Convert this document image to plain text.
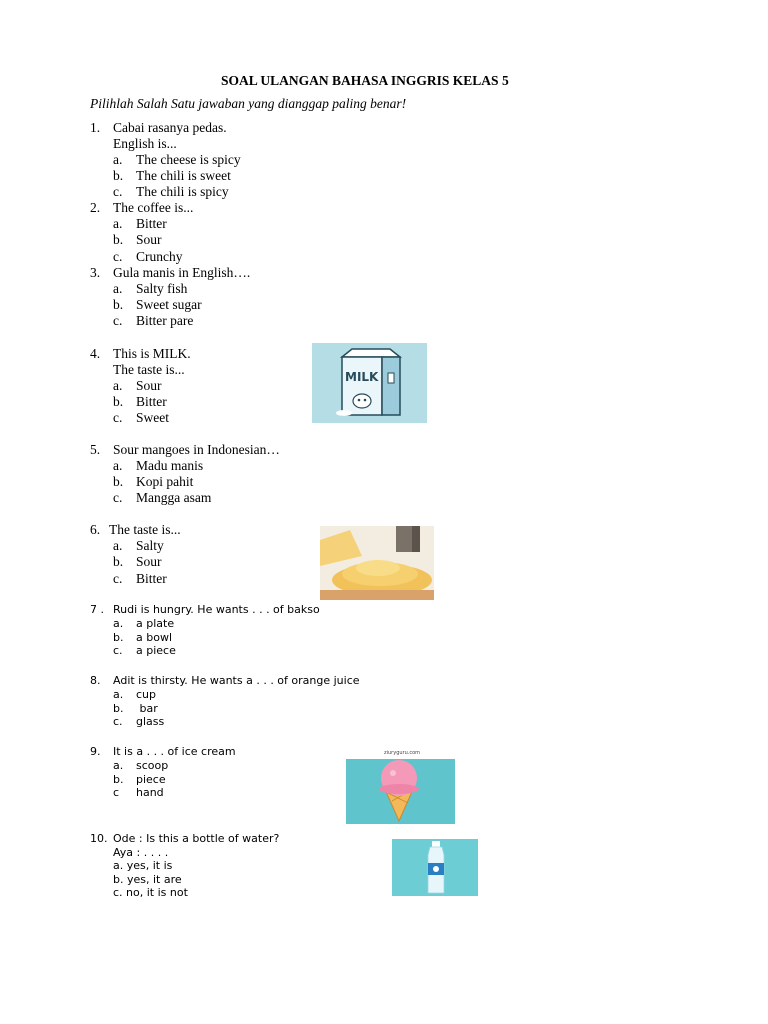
SOAL ULANGAN BAHASA INGGRIS KELAS 5
Pilihlah Salah Satu jawaban yang dianggap paling benar!
1. Cabai rasanya pedas.
English is...
a. The cheese is spicy
b. The chili is sweet
c. The chili is spicy
2. The coffee is...
a. Bitter
b. Sour
c. Crunchy
3. Gula manis in English….
a. Salty fish
b. Sweet sugar
c. Bitter pare
4. This is MILK.
The taste is...
a. Sour
b. Bitter
c. Sweet
MILK
5. Sour mangoes in Indonesian…
a. Madu manis
b. Kopi pahit
c. Mangga asam
6. The taste is...
a. Salty
b. Sour
c. Bitter
7 . Rudi is hungry. He wants . . . of bakso
a. a plate
b. a bowl
c. a piece
8. Adit is thirsty. He wants a . . . of orange juice
a. cup
b. bar
c. glass
9. It is a . . . of ice cream
a. scoop
b. piece
c hand
ziuryguru.com
10. Ode : Is this a bottle of water?
Aya : . . . .
a. yes, it is
b. yes, it are
c. no, it is not
